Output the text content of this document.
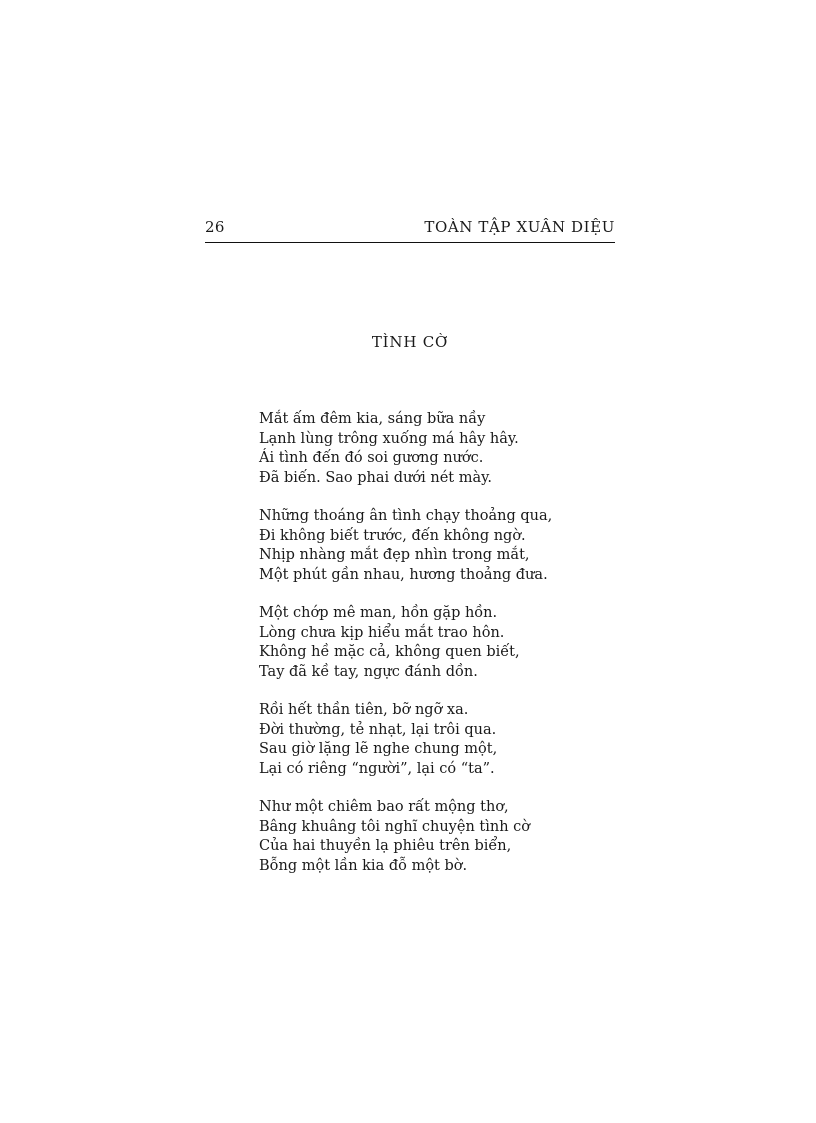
26	TOÀN TẬP XUÂN DIỆU
TÌNH CỜ
Mắt ấm đêm kia, sáng bữa nầy
Lạnh lùng trông xuống má hây hây.
Ái tình đến đó soi gương nước.
Đã biến. Sao phai dưới nét mày.
Những thoáng ân tình chạy thoảng qua,
Đi không biết trước, đến không ngờ.
Nhịp nhàng mắt đẹp nhìn trong mắt,
Một phút gần nhau, hương thoảng đưa.
Một chớp mê man, hồn gặp hồn.
Lòng chưa kịp hiểu mắt trao hôn.
Không hề mặc cả, không quen biết,
Tay đã kề tay, ngực đánh dồn.
Rồi hết thần tiên, bỡ ngỡ xa.
Đời thường, tẻ nhạt, lại trôi qua.
Sau giờ lặng lẽ nghe chung một,
Lại có riêng “người”, lại có “ta”.
Như một chiêm bao rất mộng thơ,
Bâng khuâng tôi nghĩ chuyện tình cờ
Của hai thuyền lạ phiêu trên biển,
Bỗng một lần kia đỗ một bờ.
